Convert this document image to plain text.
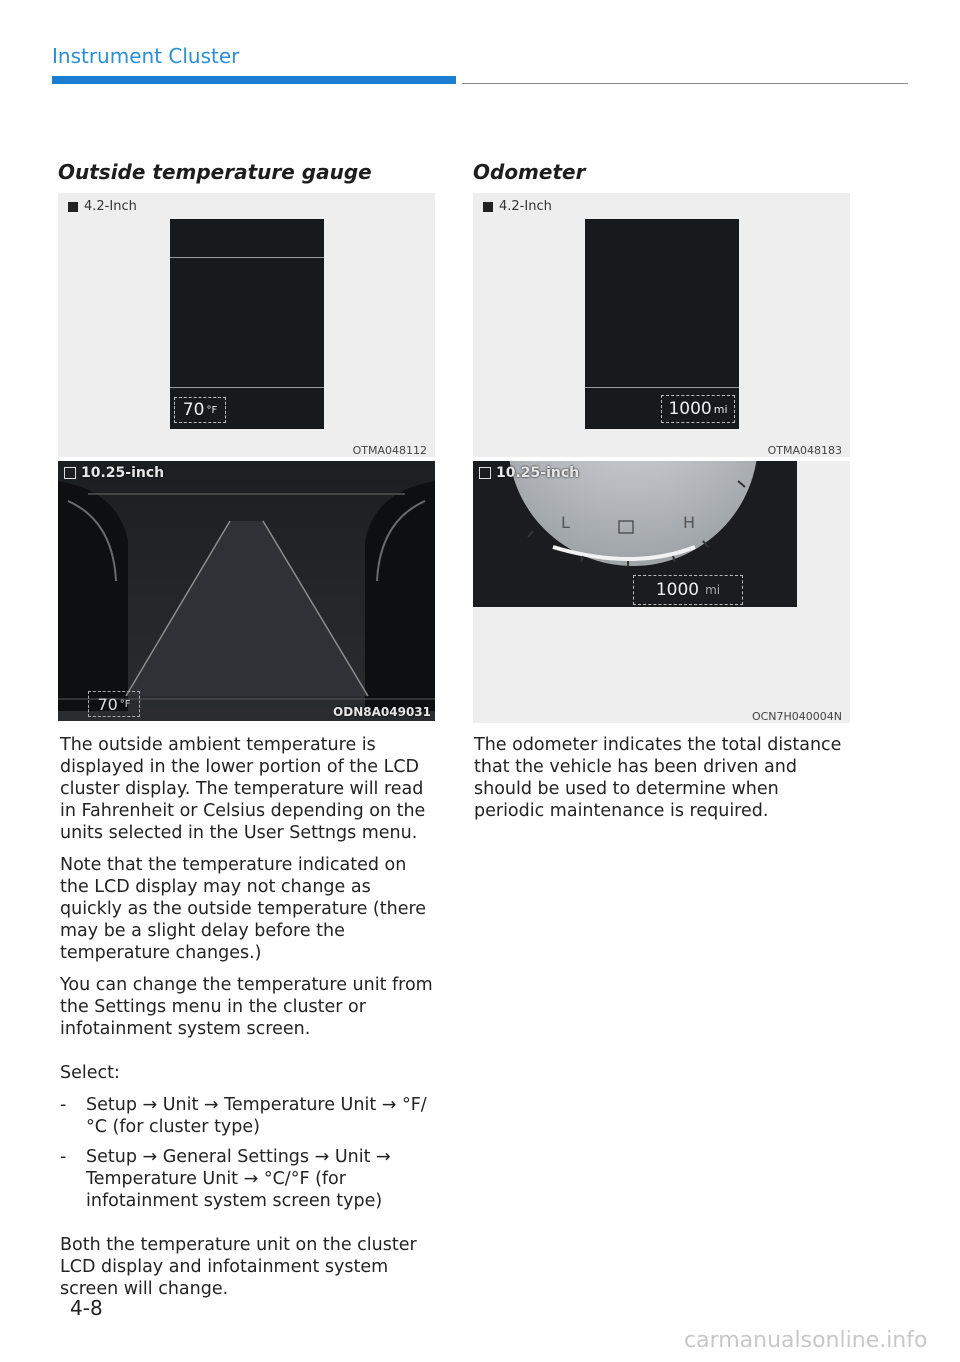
Instrument Cluster
Outside temperature gauge
4.2-Inch
70 °F
OTMA048112
10.25-inch
70 °F
ODN8A049031

The outside ambient temperature is displayed in the lower portion of the LCD cluster display. The temperature will read in Fahrenheit or Celsius depending on the units selected in the User Settngs menu.

Note that the temperature indicated on the LCD display may not change as quickly as the outside temperature (there may be a slight delay before the temperature changes.)

You can change the temperature unit from the Settings menu in the cluster or infotainment system screen.

Select:

- Setup → Unit → Temperature Unit → °F/°C (for cluster type)
- Setup → General Settings → Unit → Temperature Unit → °C/°F (for infotainment system screen type)

Both the temperature unit on the cluster LCD display and infotainment system screen will change.

Odometer
4.2-Inch
1000 mi
OTMA048183
L	H
1000 mi
10.25-inch
OCN7H040004N

The odometer indicates the total distance that the vehicle has been driven and should be used to determine when periodic maintenance is required.

4-8
carmanualsonline.info
